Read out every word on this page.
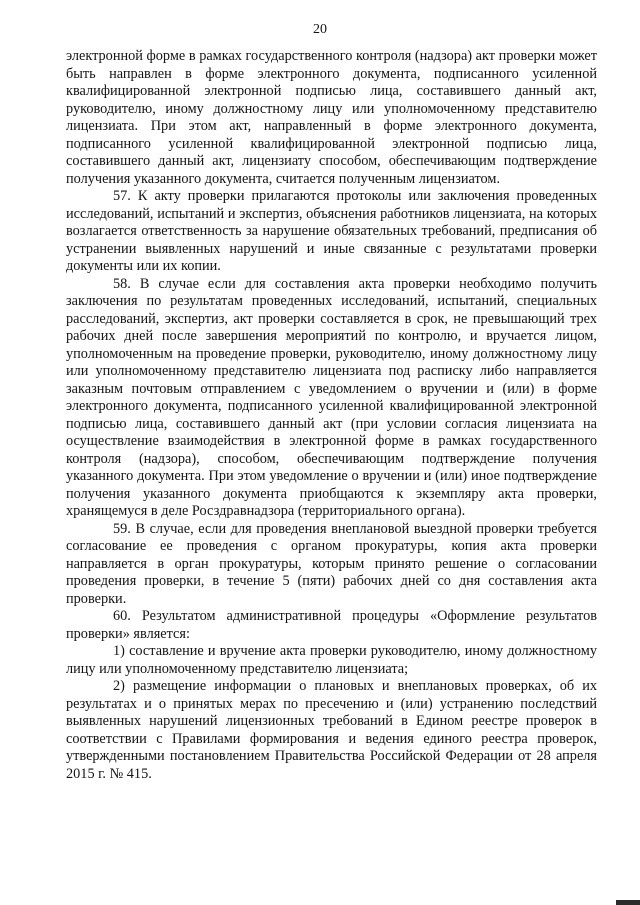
20

электронной форме в рамках государственного контроля (надзора) акт проверки может быть направлен в форме электронного документа, подписанного усиленной квалифицированной электронной подписью лица, составившего данный акт, руководителю, иному должностному лицу или уполномоченному представителю лицензиата. При этом акт, направленный в форме электронного документа, подписанного усиленной квалифицированной электронной подписью лица, составившего данный акт, лицензиату способом, обеспечивающим подтверждение получения указанного документа, считается полученным лицензиатом.

57. К акту проверки прилагаются протоколы или заключения проведенных исследований, испытаний и экспертиз, объяснения работников лицензиата, на которых возлагается ответственность за нарушение обязательных требований, предписания об устранении выявленных нарушений и иные связанные с результатами проверки документы или их копии.

58. В случае если для составления акта проверки необходимо получить заключения по результатам проведенных исследований, испытаний, специальных расследований, экспертиз, акт проверки составляется в срок, не превышающий трех рабочих дней после завершения мероприятий по контролю, и вручается лицом, уполномоченным на проведение проверки, руководителю, иному должностному лицу или уполномоченному представителю лицензиата под расписку либо направляется заказным почтовым отправлением с уведомлением о вручении и (или) в форме электронного документа, подписанного усиленной квалифицированной электронной подписью лица, составившего данный акт (при условии согласия лицензиата на осуществление взаимодействия в электронной форме в рамках государственного контроля (надзора), способом, обеспечивающим подтверждение получения указанного документа. При этом уведомление о вручении и (или) иное подтверждение получения указанного документа приобщаются к экземпляру акта проверки, хранящемуся в деле Росздравнадзора (территориального органа).

59. В случае, если для проведения внеплановой выездной проверки требуется согласование ее проведения с органом прокуратуры, копия акта проверки направляется в орган прокуратуры, которым принято решение о согласовании проведения проверки, в течение 5 (пяти) рабочих дней со дня составления акта проверки.

60. Результатом административной процедуры «Оформление результатов проверки» является:

1) составление и вручение акта проверки руководителю, иному должностному лицу или уполномоченному представителю лицензиата;

2) размещение информации о плановых и внеплановых проверках, об их результатах и о принятых мерах по пресечению и (или) устранению последствий выявленных нарушений лицензионных требований в Едином реестре проверок в соответствии с Правилами формирования и ведения единого реестра проверок, утвержденными постановлением Правительства Российской Федерации от 28 апреля 2015 г. № 415.
